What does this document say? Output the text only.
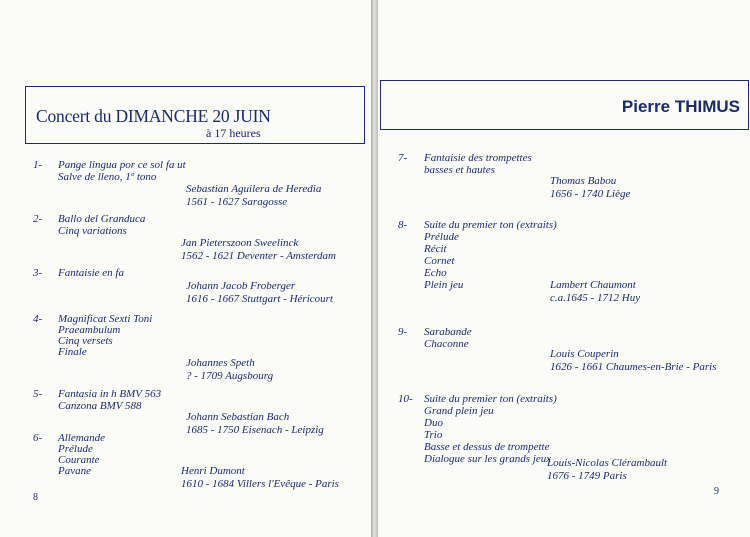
Concert du DIMANCHE 20 JUIN
à 17 heures
1- Pange lingua por ce sol fa ut
Salve de lleno, 1º tono
Sebastian Aguilera de Heredia
1561 - 1627 Saragosse
2- Ballo del Granduca
Cinq variations
Jan Pieterszoon Sweelinck
1562 - 1621 Deventer - Amsterdam
3- Fantaisie en fa
Johann Jacob Froberger
1616 - 1667 Stuttgart - Héricourt
4- Magnificat Sexti Toni
Praeambulum
Cinq versets
Finale
Johannes Speth
? - 1709 Augsbourg
5- Fantasia in h BMV 563
Canzona BMV 588
Johann Sebastian Bach
1685 - 1750 Eisenach - Leipzig
6- Allemande
Prélude
Courante
Pavane	Henri Dumont
1610 - 1684 Villers l'Evêque - Paris
8
Pierre THIMUS
7- Fantaisie des trompettes
basses et hautes
Thomas Babou
1656 - 1740 Liège
8- Suite du premier ton (extraits)
Prélude
Récit
Cornet
Echo
Plein jeu	Lambert Chaumont
c.a.1645 - 1712 Huy
9- Sarabande
Chaconne
Louis Couperin
1626 - 1661 Chaumes-en-Brie - Paris
10- Suite du premier ton (extraits)
Grand plein jeu
Duo
Trio
Basse et dessus de trompette
Dialogue sur les grands jeux
Louis-Nicolas Clérambault
1676 - 1749 Paris
9
